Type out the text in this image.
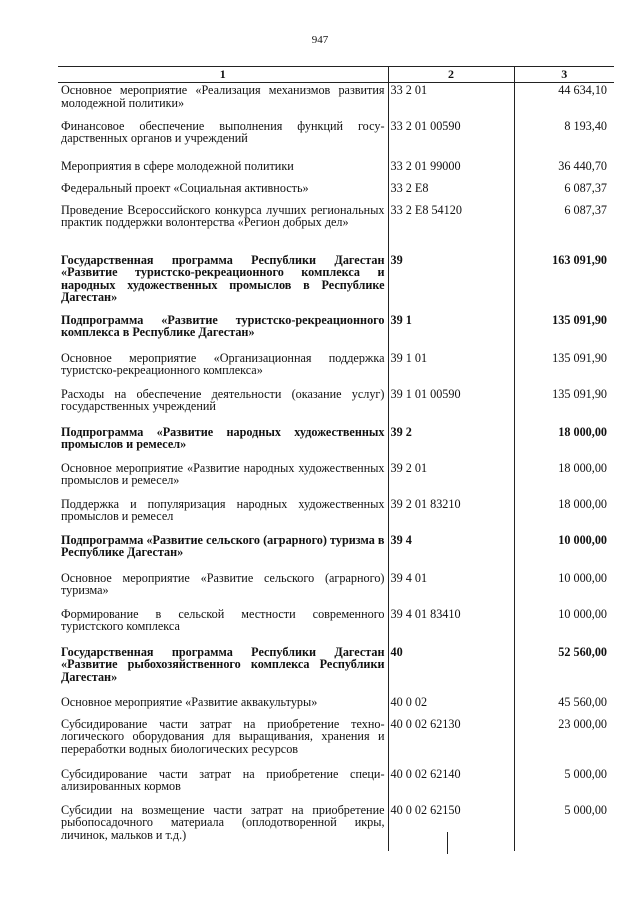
947
1	2	3
Основное мероприятие «Реализация механизмов развития молодежной политики»	33 2 01	44 634,10
Финансовое обеспечение выполнения функций государственных органов и учреждений	33 2 01 00590	8 193,40
Мероприятия в сфере молодежной политики	33 2 01 99000	36 440,70
Федеральный проект «Социальная активность»	33 2 E8	6 087,37
Проведение Всероссийского конкурса лучших региональных практик поддержки волонтерства «Регион добрых дел»	33 2 E8 54120	6 087,37
Государственная программа Республики Дагестан «Развитие туристско-рекреационного комплекса и народных художественных промыслов в Республике Дагестан»	39	163 091,90
Подпрограмма «Развитие туристско-рекреационного комплекса в Республике Дагестан»	39 1	135 091,90
Основное мероприятие «Организационная поддержка туристско-рекреационного комплекса»	39 1 01	135 091,90
Расходы на обеспечение деятельности (оказание услуг) государственных учреждений	39 1 01 00590	135 091,90
Подпрограмма «Развитие народных художественных промыслов и ремесел»	39 2	18 000,00
Основное мероприятие «Развитие народных художественных промыслов и ремесел»	39 2 01	18 000,00
Поддержка и популяризация народных художественных промыслов и ремесел	39 2 01 83210	18 000,00
Подпрограмма «Развитие сельского (аграрного) туризма в Республике Дагестан»	39 4	10 000,00
Основное мероприятие «Развитие сельского (аграрного) туризма»	39 4 01	10 000,00
Формирование в сельской местности современного туристского комплекса	39 4 01 83410	10 000,00
Государственная программа Республики Дагестан «Развитие рыбохозяйственного комплекса Республики Дагестан»	40	52 560,00
Основное мероприятие «Развитие аквакультуры»	40 0 02	45 560,00
Субсидирование части затрат на приобретение технологического оборудования для выращивания, хранения и переработки водных биологических ресурсов	40 0 02 62130	23 000,00
Субсидирование части затрат на приобретение специализированных кормов	40 0 02 62140	5 000,00
Субсидии на возмещение части затрат на приобретение рыбопосадочного материала (оплодотворенной икры, личинок, мальков и т.д.)	40 0 02 62150	5 000,00
